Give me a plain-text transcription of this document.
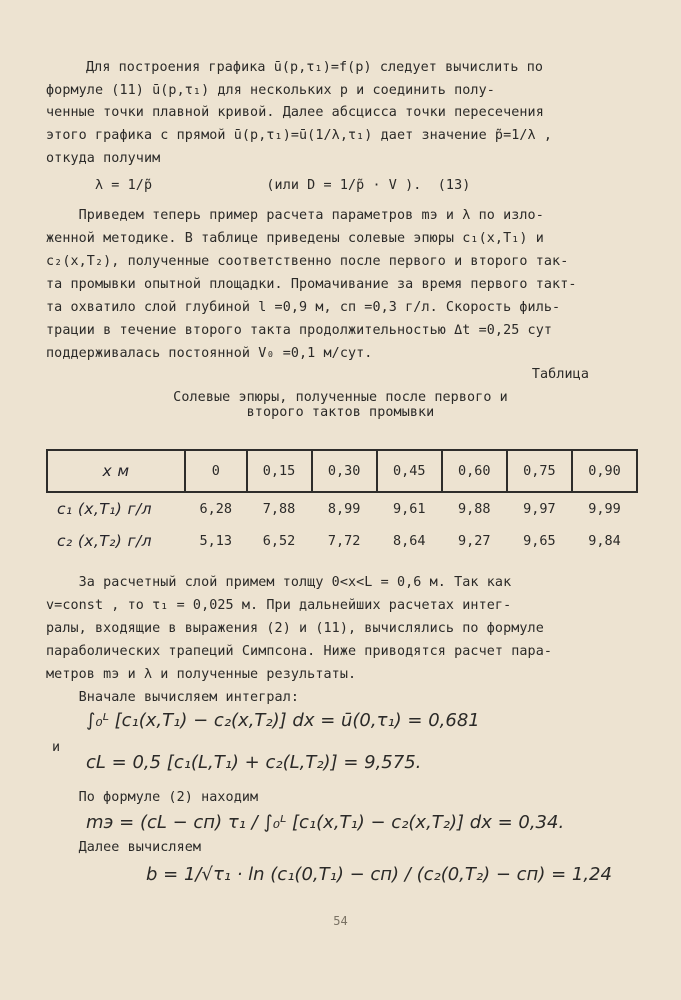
Для построения графика ū(p,τ₁)=f(p) следует вычислить по
формуле (11) ū(p,τ₁) для нескольких p и соединить полу-
ченные точки плавной кривой. Далее абсцисса точки пересечения
этого графика с прямой ū(p,τ₁)=ū(1/λ,τ₁) дает значение p̃=1/λ ,
откуда получим
λ = 1/p̃              (или D = 1/p̃ · V ).  (13)
Приведем теперь пример расчета параметров mэ и λ по изло-
женной методике. В таблице приведены солевые эпюры c₁(x,T₁) и
c₂(x,T₂), полученные соответственно после первого и второго так-
та промывки опытной площадки. Промачивание за время первого такт-
та охватило слой глубиной l =0,9 м, cп =0,3 г/л. Скорость филь-
трации в течение второго такта продолжительностью Δt =0,25 сут
поддерживалась постоянной V₀ =0,1 м/сут.
Таблица
Солевые эпюры, полученные после первого и
второго тактов промывки
x м	0	0,15	0,30	0,45	0,60	0,75	0,90
c₁ (x,T₁) г/л	6,28	7,88	8,99	9,61	9,88	9,97	9,99
c₂ (x,T₂) г/л	5,13	6,52	7,72	8,64	9,27	9,65	9,84
За расчетный слой примем толщу 0<x<L = 0,6 м. Так как
v=const , то τ₁ = 0,025 м. При дальнейших расчетах интег-
ралы, входящие в выражения (2) и (11), вычислялись по формуле
параболических трапеций Симпсона. Ниже приводятся расчет пара-
метров mэ и λ и полученные результаты.
Вначале вычисляем интеграл:
∫₀ᴸ [c₁(x,T₁) − c₂(x,T₂)] dx = ū(0,τ₁) = 0,681
и
cL = 0,5 [c₁(L,T₁) + c₂(L,T₂)] = 9,575.
По формуле (2) находим
mэ = (cL − cп) τ₁ / ∫₀ᴸ [c₁(x,T₁) − c₂(x,T₂)] dx = 0,34.
Далее вычисляем
b = 1/√τ₁ · ln (c₁(0,T₁) − cп) / (c₂(0,T₂) − cп) = 1,24
54
